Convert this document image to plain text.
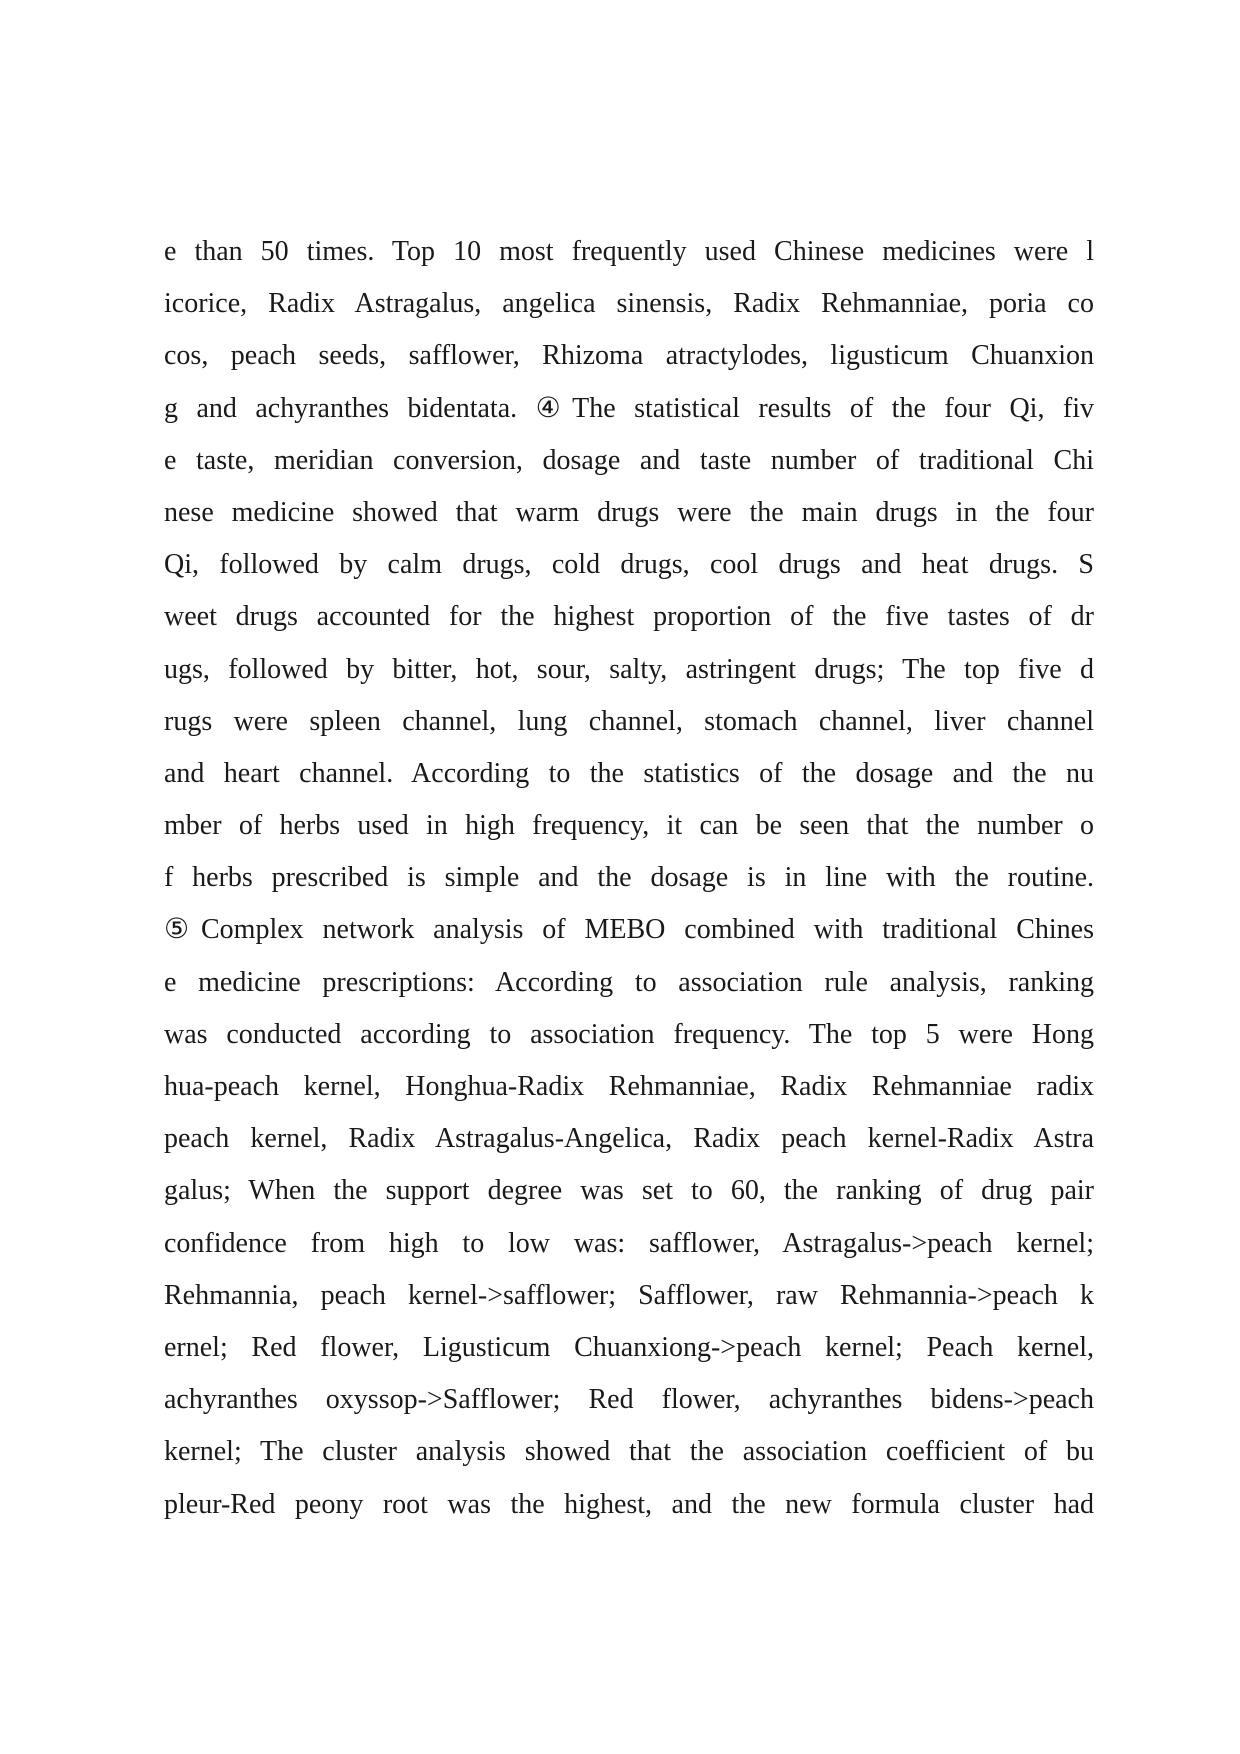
e than 50 times. Top 10 most frequently used Chinese medicines were l
icorice, Radix Astragalus, angelica sinensis, Radix Rehmanniae, poria co
cos, peach seeds, safflower, Rhizoma atractylodes, ligusticum Chuanxion
g and achyranthes bidentata. ④The statistical results of the four Qi, fiv
e taste, meridian conversion, dosage and taste number of traditional Chi
nese medicine showed that warm drugs were the main drugs in the four
Qi, followed by calm drugs, cold drugs, cool drugs and heat drugs. S
weet drugs accounted for the highest proportion of the five tastes of dr
ugs, followed by bitter, hot, sour, salty, astringent drugs; The top five d
rugs were spleen channel, lung channel, stomach channel, liver channel
and heart channel. According to the statistics of the dosage and the nu
mber of herbs used in high frequency, it can be seen that the number o
f herbs prescribed is simple and the dosage is in line with the routine.
⑤Complex network analysis of MEBO combined with traditional Chines
e medicine prescriptions: According to association rule analysis, ranking
was conducted according to association frequency. The top 5 were Hong
hua-peach kernel, Honghua-Radix Rehmanniae, Radix Rehmanniae radix
peach kernel, Radix Astragalus-Angelica, Radix peach kernel-Radix Astra
galus; When the support degree was set to 60, the ranking of drug pair
confidence from high to low was: safflower, Astragalus->peach kernel;
Rehmannia, peach kernel->safflower; Safflower, raw Rehmannia->peach k
ernel; Red flower, Ligusticum Chuanxiong->peach kernel; Peach kernel,
achyranthes oxyssop->Safflower; Red flower, achyranthes bidens->peach
kernel; The cluster analysis showed that the association coefficient of bu
pleur-Red peony root was the highest, and the new formula cluster had
